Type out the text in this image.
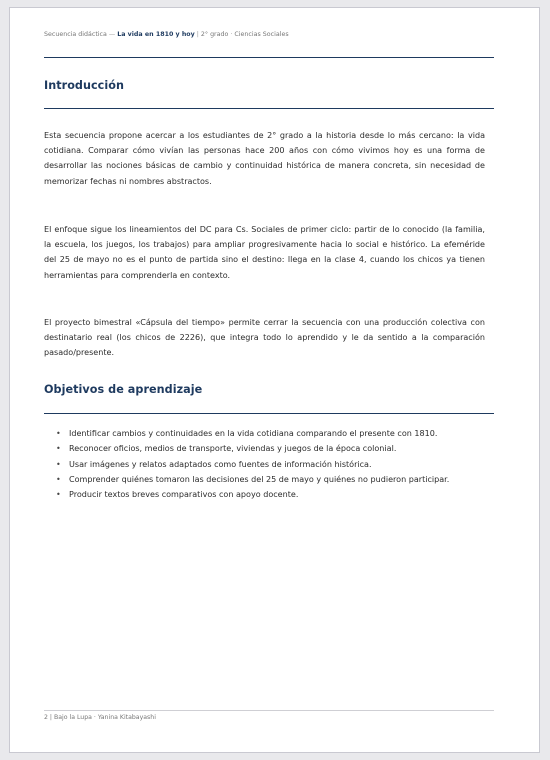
Secuencia didáctica — La vida en 1810 y hoy | 2° grado · Ciencias Sociales
Introducción

Esta secuencia propone acercar a los estudiantes de 2° grado a la historia desde lo más cercano: la vida cotidiana. Comparar cómo vivían las personas hace 200 años con cómo vivimos hoy es una forma de desarrollar las nociones básicas de cambio y continuidad histórica de manera concreta, sin necesidad de memorizar fechas ni nombres abstractos.

El enfoque sigue los lineamientos del DC para Cs. Sociales de primer ciclo: partir de lo conocido (la familia, la escuela, los juegos, los trabajos) para ampliar progresivamente hacia lo social e histórico. La efeméride del 25 de mayo no es el punto de partida sino el destino: llega en la clase 4, cuando los chicos ya tienen herramientas para comprenderla en contexto.

El proyecto bimestral «Cápsula del tiempo» permite cerrar la secuencia con una producción colectiva con destinatario real (los chicos de 2226), que integra todo lo aprendido y le da sentido a la comparación pasado/presente.

Objetivos de aprendizaje
• Identificar cambios y continuidades en la vida cotidiana comparando el presente con 1810.
• Reconocer oficios, medios de transporte, viviendas y juegos de la época colonial.
• Usar imágenes y relatos adaptados como fuentes de información histórica.
• Comprender quiénes tomaron las decisiones del 25 de mayo y quiénes no pudieron participar.
• Producir textos breves comparativos con apoyo docente.
2 | Bajo la Lupa · Yanina Kitabayashi
